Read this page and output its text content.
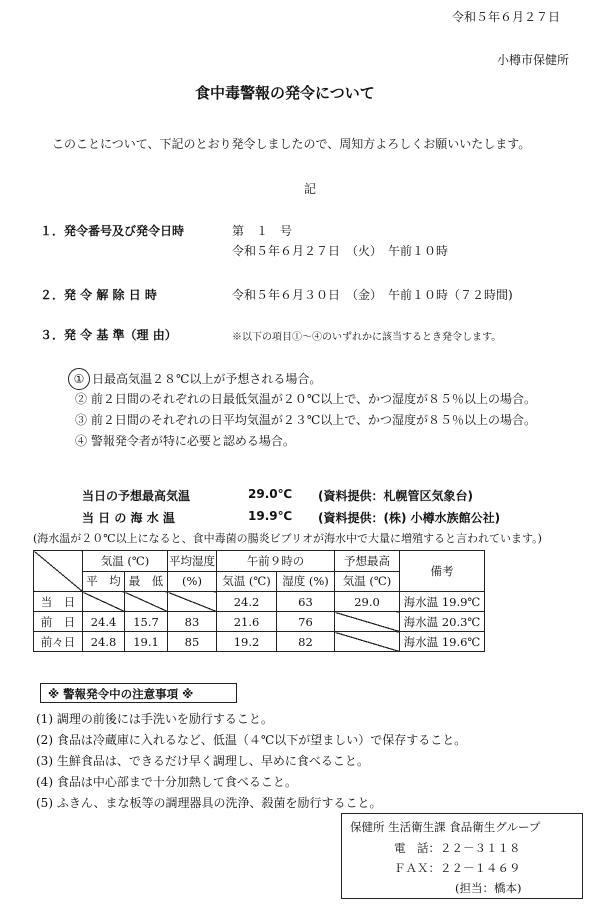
令和５年６月２７日
小樽市保健所
食中毒警報の発令について
このことについて、下記のとおり発令しましたので、周知方よろしくお願いいたします。
記
１．発令番号及び発令日時	第　１　号
令和５年６月２７日　（火）　午前１０時
２．発 令 解 除 日 時	令和５年６月３０日　（金）　午前１０時（７２時間)
３．発 令 基 準（理 由）	※以下の項目①～④のいずれかに該当するとき発令します。
① 日最高気温２８℃以上が予想される場合。
② 前２日間のそれぞれの日最低気温が２０℃以上で、かつ湿度が８５％以上の場合。
③ 前２日間のそれぞれの日平均気温が２３℃以上で、かつ湿度が８５％以上の場合。
④ 警報発令者が特に必要と認める場合。
当日の予想最高気温	29.0℃ (資料提供：札幌管区気象台)
当 日 の 海 水 温	19.9℃ (資料提供：(株) 小樽水族館公社)
(海水温が２０℃以上になると、食中毒菌の腸炎ビブリオが海水中で大量に増殖すると言われています。)
	気温 (℃)		平均湿度	午前９時の		予想最高	備考
	平　均	最　低	(%)	気温 (℃)	湿度 (%)	気温 (℃)	
当　日				24.2	63	29.0	海水温 19.9℃
前　日	24.4	15.7	83	21.6	76		海水温 20.3℃
前々日	24.8	19.1	85	19.2	82		海水温 19.6℃
※ 警報発令中の注意事項 ※
(1) 調理の前後には手洗いを励行すること。
(2) 食品は冷蔵庫に入れるなど、低温（４℃以下が望ましい）で保存すること。
(3) 生鮮食品は、できるだけ早く調理し、早めに食べること。
(4) 食品は中心部まで十分加熱して食べること。
(5) ふきん、まな板等の調理器具の洗浄、殺菌を励行すること。
保健所 生活衛生課 食品衛生グループ
電　話：２２－３１１８
ＦＡＸ：２２－１４６９
(担当：橋本)
